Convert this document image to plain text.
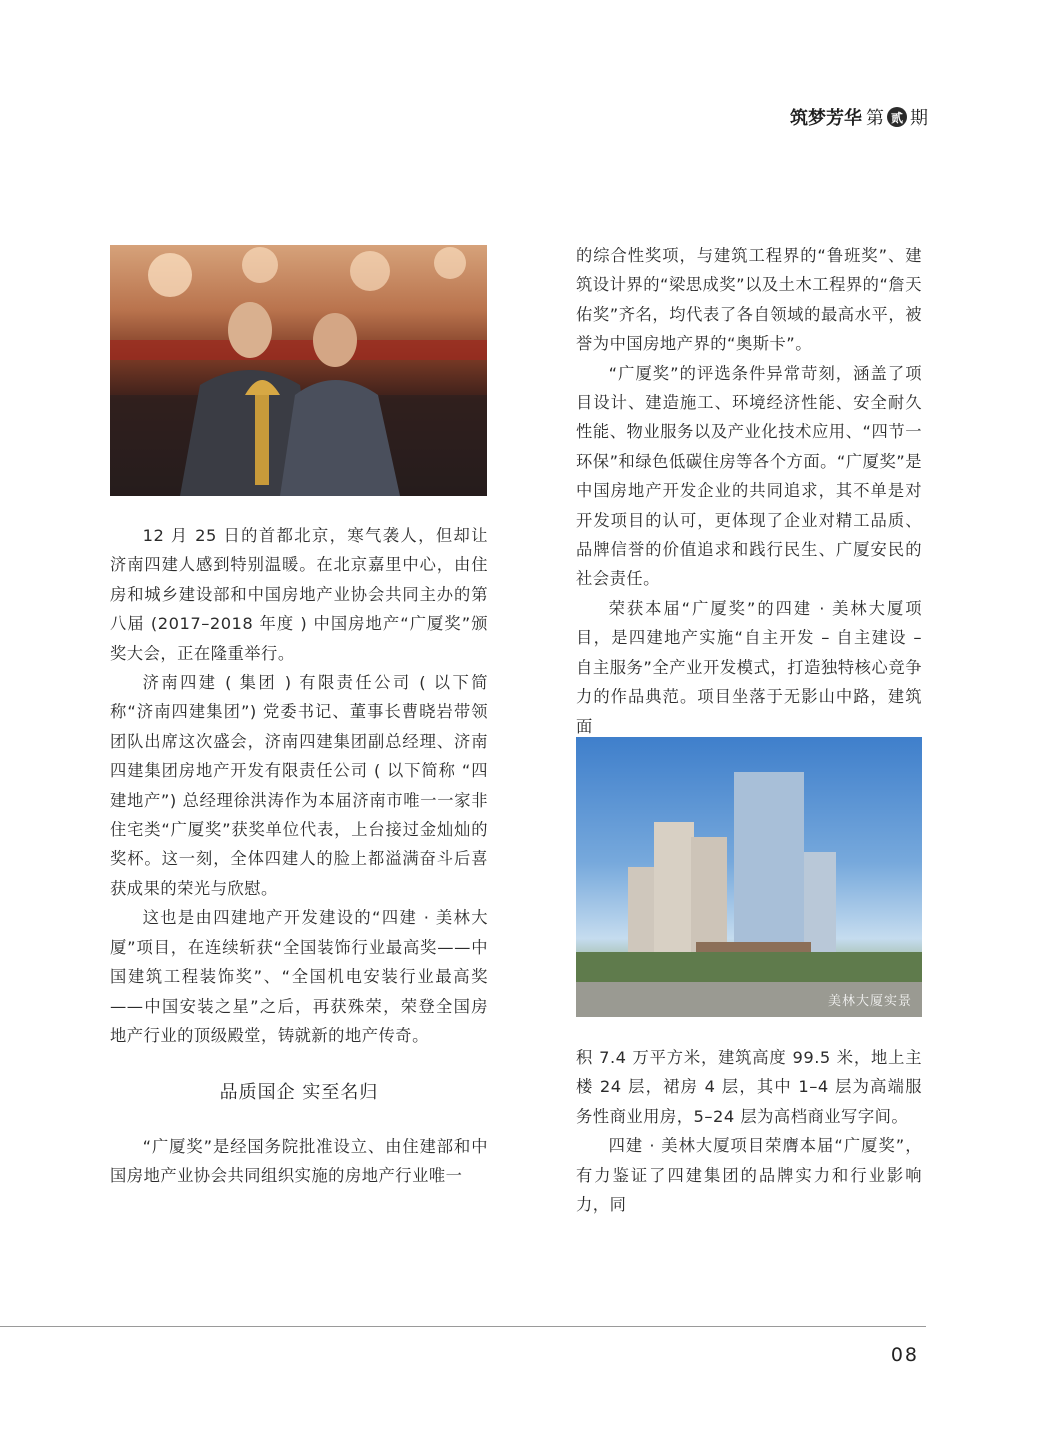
筑梦芳华 第 贰 期

12 月 25 日的首都北京，寒气袭人，但却让济南四建人感到特别温暖。在北京嘉里中心，由住房和城乡建设部和中国房地产业协会共同主办的第八届 (2017–2018 年度 ) 中国房地产“广厦奖”颁奖大会，正在隆重举行。

济南四建 ( 集团 ) 有限责任公司 ( 以下简称“济南四建集团”) 党委书记、董事长曹晓岩带领团队出席这次盛会，济南四建集团副总经理、济南四建集团房地产开发有限责任公司 ( 以下简称 “四建地产”) 总经理徐洪涛作为本届济南市唯一一家非住宅类“广厦奖”获奖单位代表，上台接过金灿灿的奖杯。这一刻，全体四建人的脸上都溢满奋斗后喜获成果的荣光与欣慰。

这也是由四建地产开发建设的“四建 · 美林大厦”项目，在连续斩获“全国装饰行业最高奖——中国建筑工程装饰奖”、“全国机电安装行业最高奖——中国安装之星”之后，再获殊荣，荣登全国房地产行业的顶级殿堂，铸就新的地产传奇。

品质国企 实至名归

“广厦奖”是经国务院批准设立、由住建部和中国房地产业协会共同组织实施的房地产行业唯一

的综合性奖项，与建筑工程界的“鲁班奖”、建筑设计界的“梁思成奖”以及土木工程界的“詹天佑奖”齐名，均代表了各自领域的最高水平，被誉为中国房地产界的“奥斯卡”。

“广厦奖”的评选条件异常苛刻，涵盖了项目设计、建造施工、环境经济性能、安全耐久性能、物业服务以及产业化技术应用、“四节一环保”和绿色低碳住房等各个方面。“广厦奖”是中国房地产开发企业的共同追求，其不单是对开发项目的认可，更体现了企业对精工品质、品牌信誉的价值追求和践行民生、广厦安民的社会责任。

荣获本届“广厦奖”的四建 · 美林大厦项目，是四建地产实施“自主开发 – 自主建设 – 自主服务”全产业开发模式，打造独特核心竞争力的作品典范。项目坐落于无影山中路，建筑面

美林大厦实景

积 7.4 万平方米，建筑高度 99.5 米，地上主楼 24 层，裙房 4 层，其中 1–4 层为高端服务性商业用房，5–24 层为高档商业写字间。

四建 · 美林大厦项目荣膺本届“广厦奖”，有力鉴证了四建集团的品牌实力和行业影响力，同

08
